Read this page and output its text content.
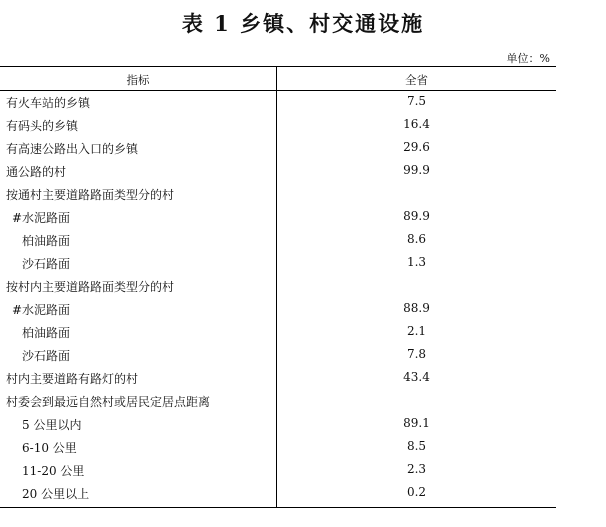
表 1 乡镇、村交通设施
单位：%
指标	全省
有火车站的乡镇	7.5
有码头的乡镇	16.4
有高速公路出入口的乡镇	29.6
通公路的村	99.9
按通村主要道路路面类型分的村
#水泥路面	89.9
柏油路面	8.6
沙石路面	1.3
按村内主要道路路面类型分的村
#水泥路面	88.9
柏油路面	2.1
沙石路面	7.8
村内主要道路有路灯的村	43.4
村委会到最远自然村或居民定居点距离
5 公里以内	89.1
6-10 公里	8.5
11-20 公里	2.3
20 公里以上	0.2
